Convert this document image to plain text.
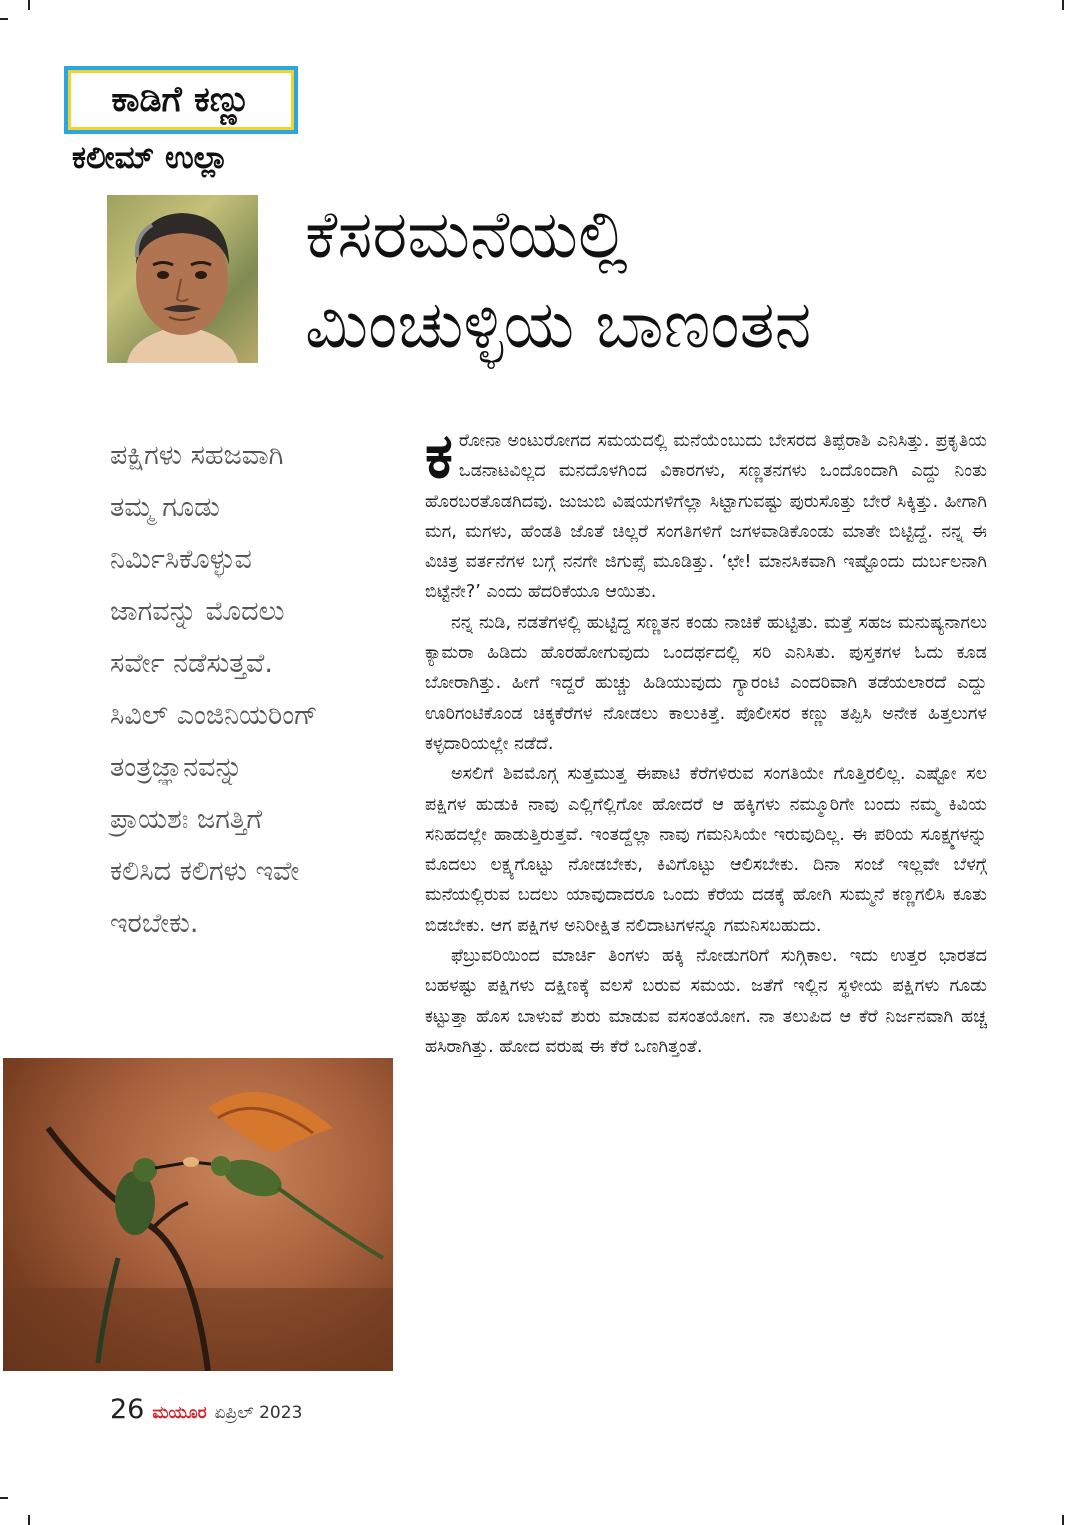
ಕಾಡಿಗೆ ಕಣ್ಣು
ಕಲೀಮ್ ಉಲ್ಲಾ
ಕೆಸರಮನೆಯಲ್ಲಿ
ಮಿಂಚುಳ್ಳಿಯ ಬಾಣಂತನ
ಪಕ್ಷಿಗಳು ಸಹಜವಾಗಿ
ತಮ್ಮ ಗೂಡು
ನಿರ್ಮಿಸಿಕೊಳ್ಳುವ
ಜಾಗವನ್ನು ಮೊದಲು
ಸರ್ವೇ ನಡೆಸುತ್ತವೆ.
ಸಿವಿಲ್ ಎಂಜಿನಿಯರಿಂಗ್
ತಂತ್ರಜ್ಞಾನವನ್ನು
ಪ್ರಾಯಶಃ ಜಗತ್ತಿಗೆ
ಕಲಿಸಿದ ಕಲಿಗಳು ಇವೇ
ಇರಬೇಕು.

ಕರೋನಾ ಅಂಟುರೋಗದ ಸಮಯದಲ್ಲಿ ಮನೆಯೆಂಬುದು ಬೇಸರದ ತಿಪ್ಪೆರಾಶಿ ಎನಿಸಿತ್ತು. ಪ್ರಕೃತಿಯ ಒಡನಾಟವಿಲ್ಲದ ಮನದೊಳಗಿಂದ ವಿಕಾರಗಳು, ಸಣ್ಣತನಗಳು ಒಂದೊಂದಾಗಿ ಎದ್ದು ನಿಂತು ಹೊರಬರತೊಡಗಿದವು. ಜುಜುಬಿ ವಿಷಯಗಳಿಗೆಲ್ಲಾ ಸಿಟ್ಟಾಗುವಷ್ಟು ಪುರುಸೊತ್ತು ಬೇರೆ ಸಿಕ್ಕಿತ್ತು. ಹೀಗಾಗಿ ಮಗ, ಮಗಳು, ಹೆಂಡತಿ ಜೊತೆ ಚಿಲ್ಲರೆ ಸಂಗತಿಗಳಿಗೆ ಜಗಳವಾಡಿಕೊಂಡು ಮಾತೇ ಬಿಟ್ಟಿದ್ದೆ. ನನ್ನ ಈ ವಿಚಿತ್ರ ವರ್ತನೆಗಳ ಬಗ್ಗೆ ನನಗೇ ಜಿಗುಪ್ಸೆ ಮೂಡಿತ್ತು. ‘ಛೇ! ಮಾನಸಿಕವಾಗಿ ಇಷ್ಟೊಂದು ದುರ್ಬಲನಾಗಿ ಬಿಟ್ಟೆನೇ?’ ಎಂದು ಹೆದರಿಕೆಯೂ ಆಯಿತು.

ನನ್ನ ನುಡಿ, ನಡತೆಗಳಲ್ಲಿ ಹುಟ್ಟಿದ್ದ ಸಣ್ಣತನ ಕಂಡು ನಾಚಿಕೆ ಹುಟ್ಟಿತು. ಮತ್ತೆ ಸಹಜ ಮನುಷ್ಯನಾಗಲು ಕ್ಯಾಮರಾ ಹಿಡಿದು ಹೊರಹೋಗುವುದು ಒಂದರ್ಥದಲ್ಲಿ ಸರಿ ಎನಿಸಿತು. ಪುಸ್ತಕಗಳ ಓದು ಕೂಡ ಬೋರಾಗಿತ್ತು. ಹೀಗೆ ಇದ್ದರೆ ಹುಚ್ಚು ಹಿಡಿಯುವುದು ಗ್ಯಾರಂಟಿ ಎಂದರಿವಾಗಿ ತಡೆಯಲಾರದೆ ಎದ್ದು ಊರಿಗಂಟಿಕೊಂಡ ಚಿಕ್ಕಕೆರೆಗಳ ನೋಡಲು ಕಾಲುಕಿತ್ತೆ. ಪೊಲೀಸರ ಕಣ್ಣು ತಪ್ಪಿಸಿ ಅನೇಕ ಹಿತ್ತಲುಗಳ ಕಳ್ಳದಾರಿಯಲ್ಲೇ ನಡೆದೆ.

ಅಸಲಿಗೆ ಶಿವಮೊಗ್ಗ ಸುತ್ತಮುತ್ತ ಈಪಾಟಿ ಕೆರೆಗಳಿರುವ ಸಂಗತಿಯೇ ಗೊತ್ತಿರಲಿಲ್ಲ. ಎಷ್ಟೋ ಸಲ ಪಕ್ಷಿಗಳ ಹುಡುಕಿ ನಾವು ಎಲ್ಲಿಗೆಲ್ಲಿಗೋ ಹೋದರೆ ಆ ಹಕ್ಕಿಗಳು ನಮ್ಮೂರಿಗೇ ಬಂದು ನಮ್ಮ ಕಿವಿಯ ಸನಿಹದಲ್ಲೇ ಹಾಡುತ್ತಿರುತ್ತವೆ. ಇಂತದ್ದೆಲ್ಲಾ ನಾವು ಗಮನಿಸಿಯೇ ಇರುವುದಿಲ್ಲ. ಈ ಪರಿಯ ಸೂಕ್ಷ್ಮಗಳನ್ನು ಮೊದಲು ಲಕ್ಷ್ಯಗೊಟ್ಟು ನೋಡಬೇಕು, ಕಿವಿಗೊಟ್ಟು ಆಲಿಸಬೇಕು. ದಿನಾ ಸಂಜೆ ಇಲ್ಲವೇ ಬೆಳಗ್ಗೆ ಮನೆಯಲ್ಲಿರುವ ಬದಲು ಯಾವುದಾದರೂ ಒಂದು ಕೆರೆಯ ದಡಕ್ಕೆ ಹೋಗಿ ಸುಮ್ಮನೆ ಕಣ್ಣಗಲಿಸಿ ಕೂತು ಬಿಡಬೇಕು. ಆಗ ಪಕ್ಷಿಗಳ ಅನಿರೀಕ್ಷಿತ ನಲಿದಾಟಗಳನ್ನೂ ಗಮನಿಸಬಹುದು.

ಫೆಬ್ರುವರಿಯಿಂದ ಮಾರ್ಚಿ ತಿಂಗಳು ಹಕ್ಕಿ ನೋಡುಗರಿಗೆ ಸುಗ್ಗಿಕಾಲ. ಇದು ಉತ್ತರ ಭಾರತದ ಬಹಳಷ್ಟು ಪಕ್ಷಿಗಳು ದಕ್ಷಿಣಕ್ಕೆ ವಲಸೆ ಬರುವ ಸಮಯ. ಜತೆಗೆ ಇಲ್ಲಿನ ಸ್ಥಳೀಯ ಪಕ್ಷಿಗಳು ಗೂಡು ಕಟ್ಟುತ್ತಾ ಹೊಸ ಬಾಳುವೆ ಶುರು ಮಾಡುವ ವಸಂತಯೋಗ. ನಾ ತಲುಪಿದ ಆ ಕೆರೆ ನಿರ್ಜನವಾಗಿ ಹಚ್ಚ ಹಸಿರಾಗಿತ್ತು. ಹೋದ ವರುಷ ಈ ಕೆರೆ ಒಣಗಿತ್ತಂತೆ.

26 ಮಯೂರ ಏಪ್ರಿಲ್ 2023
